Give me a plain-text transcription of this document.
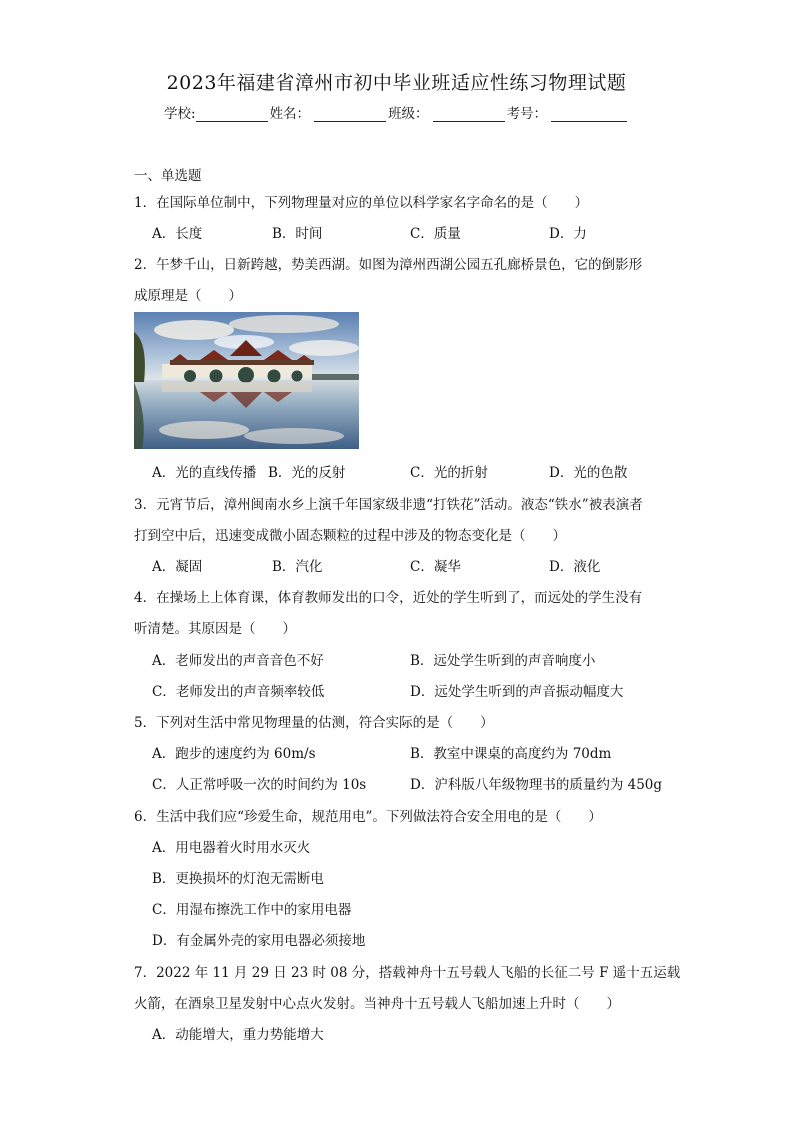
2023年福建省漳州市初中毕业班适应性练习物理试题
学校:	姓名：	班级：	考号：
一、单选题
1．在国际单位制中，下列物理量对应的单位以科学家名字命名的是（　　）
A．长度	B．时间	C．质量	D．力
2．午梦千山，日新跨越，势美西湖。如图为漳州西湖公园五孔廊桥景色，它的倒影形
成原理是（　　）
A．光的直线传播 B．光的反射	C．光的折射	D．光的色散
3．元宵节后，漳州闽南水乡上演千年国家级非遗“打铁花”活动。液态“铁水”被表演者
打到空中后，迅速变成微小固态颗粒的过程中涉及的物态变化是（　　）
A．凝固	B．汽化	C．凝华	D．液化
4．在操场上上体育课，体育教师发出的口令，近处的学生听到了，而远处的学生没有
听清楚。其原因是（　　）
A．老师发出的声音音色不好	B．远处学生听到的声音响度小
C．老师发出的声音频率较低	D．远处学生听到的声音振动幅度大
5．下列对生活中常见物理量的估测，符合实际的是（　　）
A．跑步的速度约为 60m/s	B．教室中课桌的高度约为 70dm
C．人正常呼吸一次的时间约为 10s	D．沪科版八年级物理书的质量约为 450g
6．生活中我们应“珍爱生命，规范用电”。下列做法符合安全用电的是（　　）
A．用电器着火时用水灭火
B．更换损坏的灯泡无需断电
C．用湿布擦洗工作中的家用电器
D．有金属外壳的家用电器必须接地
7．2022 年 11 月 29 日 23 时 08 分，搭载神舟十五号载人飞船的长征二号 F 遥十五运载
火箭，在酒泉卫星发射中心点火发射。当神舟十五号载人飞船加速上升时（　　）
A．动能增大，重力势能增大
